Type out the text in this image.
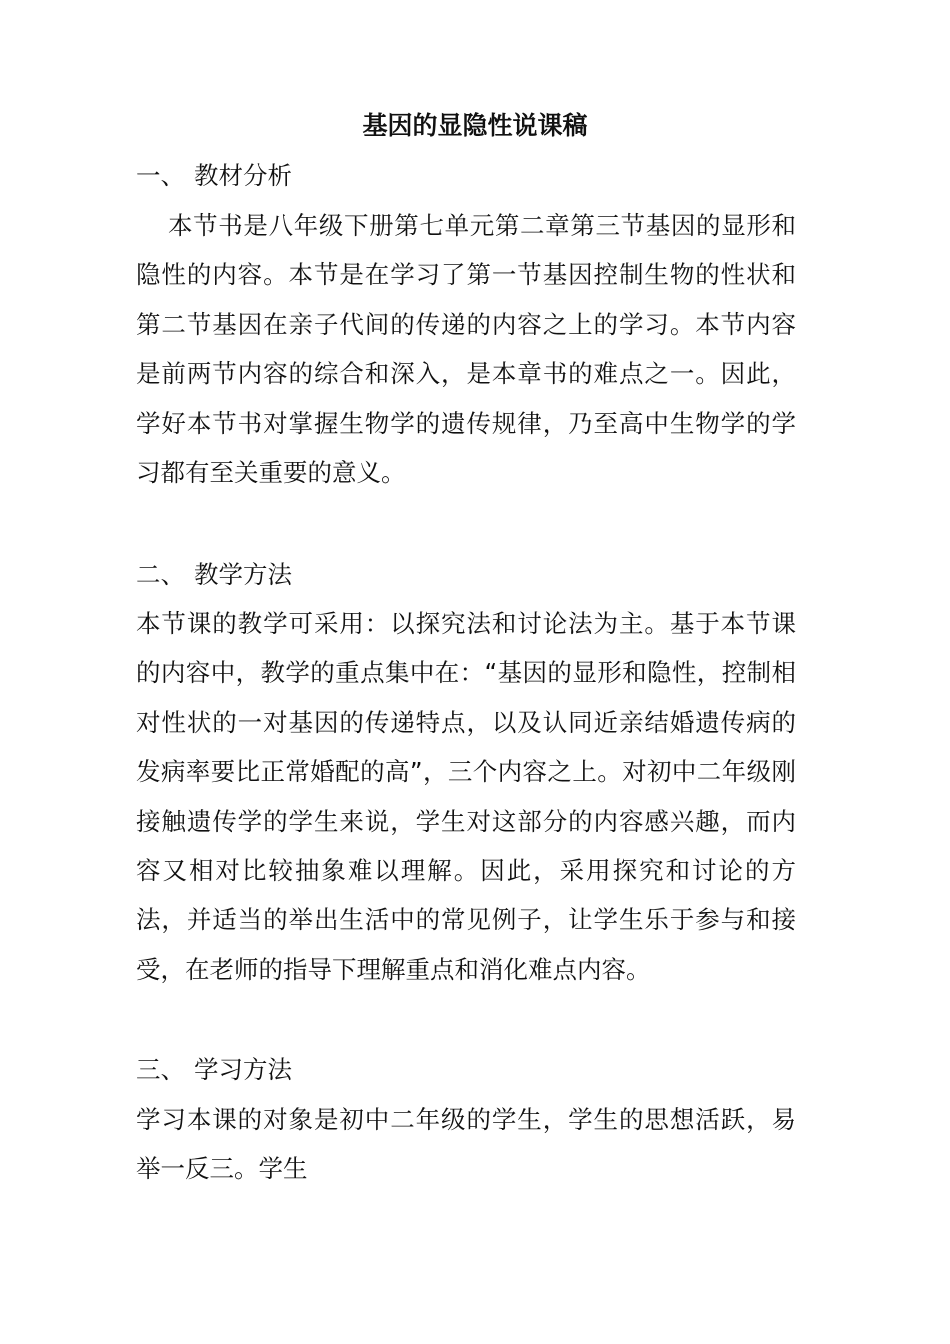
基因的显隐性说课稿
一、 教材分析

本节书是八年级下册第七单元第二章第三节基因的显形和隐性的内容。本节是在学习了第一节基因控制生物的性状和第二节基因在亲子代间的传递的内容之上的学习。本节内容是前两节内容的综合和深入，是本章书的难点之一。因此，学好本节书对掌握生物学的遗传规律，乃至高中生物学的学习都有至关重要的意义。

二、 教学方法

本节课的教学可采用：以探究法和讨论法为主。基于本节课的内容中，教学的重点集中在：“基因的显形和隐性，控制相对性状的一对基因的传递特点，以及认同近亲结婚遗传病的发病率要比正常婚配的高”，三个内容之上。对初中二年级刚接触遗传学的学生来说，学生对这部分的内容感兴趣，而内容又相对比较抽象难以理解。因此，采用探究和讨论的方法，并适当的举出生活中的常见例子，让学生乐于参与和接受，在老师的指导下理解重点和消化难点内容。

三、 学习方法

学习本课的对象是初中二年级的学生，学生的思想活跃，易举一反三。学生
